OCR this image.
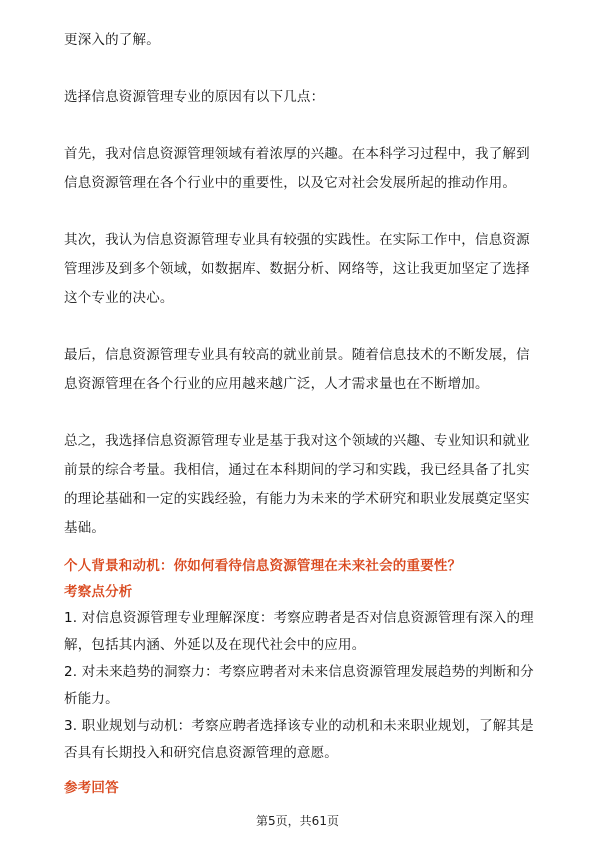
更深入的了解。

选择信息资源管理专业的原因有以下几点：

首先，我对信息资源管理领域有着浓厚的兴趣。在本科学习过程中，我了解到信息资源管理在各个行业中的重要性，以及它对社会发展所起的推动作用。

其次，我认为信息资源管理专业具有较强的实践性。在实际工作中，信息资源管理涉及到多个领域，如数据库、数据分析、网络等，这让我更加坚定了选择这个专业的决心。

最后，信息资源管理专业具有较高的就业前景。随着信息技术的不断发展，信息资源管理在各个行业的应用越来越广泛，人才需求量也在不断增加。

总之，我选择信息资源管理专业是基于我对这个领域的兴趣、专业知识和就业前景的综合考量。我相信，通过在本科期间的学习和实践，我已经具备了扎实的理论基础和一定的实践经验，有能力为未来的学术研究和职业发展奠定坚实基础。

个人背景和动机：你如何看待信息资源管理在未来社会的重要性？
考察点分析

1. 对信息资源管理专业理解深度：考察应聘者是否对信息资源管理有深入的理解，包括其内涵、外延以及在现代社会中的应用。

2. 对未来趋势的洞察力：考察应聘者对未来信息资源管理发展趋势的判断和分析能力。

3. 职业规划与动机：考察应聘者选择该专业的动机和未来职业规划，了解其是否具有长期投入和研究信息资源管理的意愿。

参考回答
第5页，共61页
